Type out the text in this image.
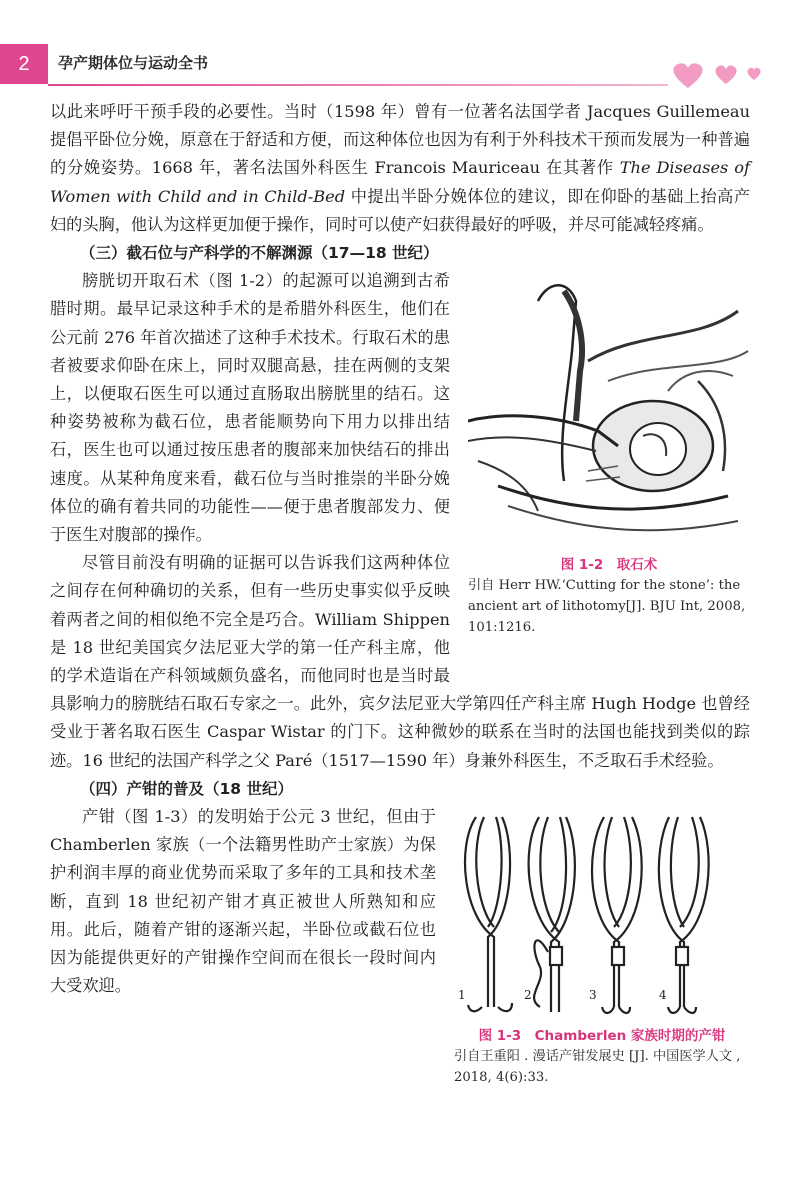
2	孕产期体位与运动全书

以此来呼吁干预手段的必要性。当时（1598 年）曾有一位著名法国学者 Jacques Guillemeau 提倡平卧位分娩，原意在于舒适和方便，而这种体位也因为有利于外科技术干预而发展为一种普遍的分娩姿势。1668 年，著名法国外科医生 Francois Mauriceau 在其著作 The Diseases of Women with Child and in Child-Bed 中提出半卧分娩体位的建议，即在仰卧的基础上抬高产妇的头胸，他认为这样更加便于操作，同时可以使产妇获得最好的呼吸，并尽可能减轻疼痛。

（三）截石位与产科学的不解渊源（17—18 世纪）
图 1-2　取石术
引自 Herr HW.‘Cutting for the stone’: the ancient art of lithotomy[J]. BJU Int, 2008, 101:1216.

膀胱切开取石术（图 1-2）的起源可以追溯到古希腊时期。最早记录这种手术的是希腊外科医生，他们在公元前 276 年首次描述了这种手术技术。行取石术的患者被要求仰卧在床上，同时双腿高悬，挂在两侧的支架上，以便取石医生可以通过直肠取出膀胱里的结石。这种姿势被称为截石位，患者能顺势向下用力以排出结石，医生也可以通过按压患者的腹部来加快结石的排出速度。从某种角度来看，截石位与当时推崇的半卧分娩体位的确有着共同的功能性——便于患者腹部发力、便于医生对腹部的操作。

尽管目前没有明确的证据可以告诉我们这两种体位之间存在何种确切的关系，但有一些历史事实似乎反映着两者之间的相似绝不完全是巧合。William Shippen 是 18 世纪美国宾夕法尼亚大学的第一任产科主席，他的学术造诣在产科领域颇负盛名，而他同时也是当时最具影响力的膀胱结石取石专家之一。此外，宾夕法尼亚大学第四任产科主席 Hugh Hodge 也曾经受业于著名取石医生 Caspar Wistar 的门下。这种微妙的联系在当时的法国也能找到类似的踪迹。16 世纪的法国产科学之父 Paré（1517—1590 年）身兼外科医生，不乏取石手术经验。

（四）产钳的普及（18 世纪）
1	2	3	4
图 1-3　Chamberlen 家族时期的产钳
引自王重阳 . 漫话产钳发展史 [J]. 中国医学人文 , 2018, 4(6):33.

产钳（图 1-3）的发明始于公元 3 世纪，但由于 Chamberlen 家族（一个法籍男性助产士家族）为保护利润丰厚的商业优势而采取了多年的工具和技术垄断，直到 18 世纪初产钳才真正被世人所熟知和应用。此后，随着产钳的逐渐兴起，半卧位或截石位也因为能提供更好的产钳操作空间而在很长一段时间内大受欢迎。
